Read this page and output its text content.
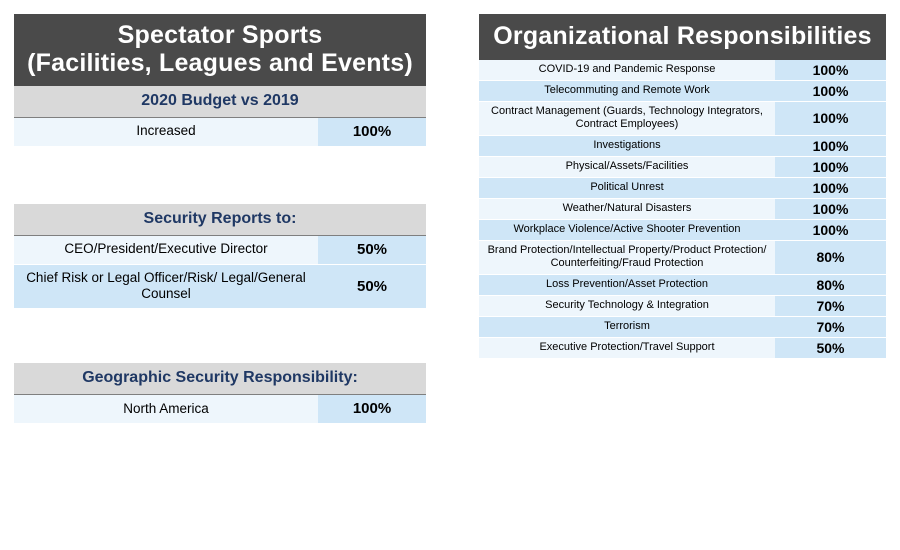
Spectator Sports
(Facilities, Leagues and Events)
2020 Budget vs 2019
Increased	100%
Security Reports to:
CEO/President/Executive Director	50%
Chief Risk or Legal Officer/Risk/ Legal/General Counsel	50%
Geographic Security Responsibility:
North America	100%
Organizational Responsibilities
COVID-19 and Pandemic Response	100%
Telecommuting and Remote Work	100%
Contract Management (Guards, Technology Integrators, Contract Employees)	100%
Investigations	100%
Physical/Assets/Facilities	100%
Political Unrest	100%
Weather/Natural Disasters	100%
Workplace Violence/Active Shooter Prevention	100%
Brand Protection/Intellectual Property/Product Protection/ Counterfeiting/Fraud Protection	80%
Loss Prevention/Asset Protection	80%
Security Technology & Integration	70%
Terrorism	70%
Executive Protection/Travel Support	50%
